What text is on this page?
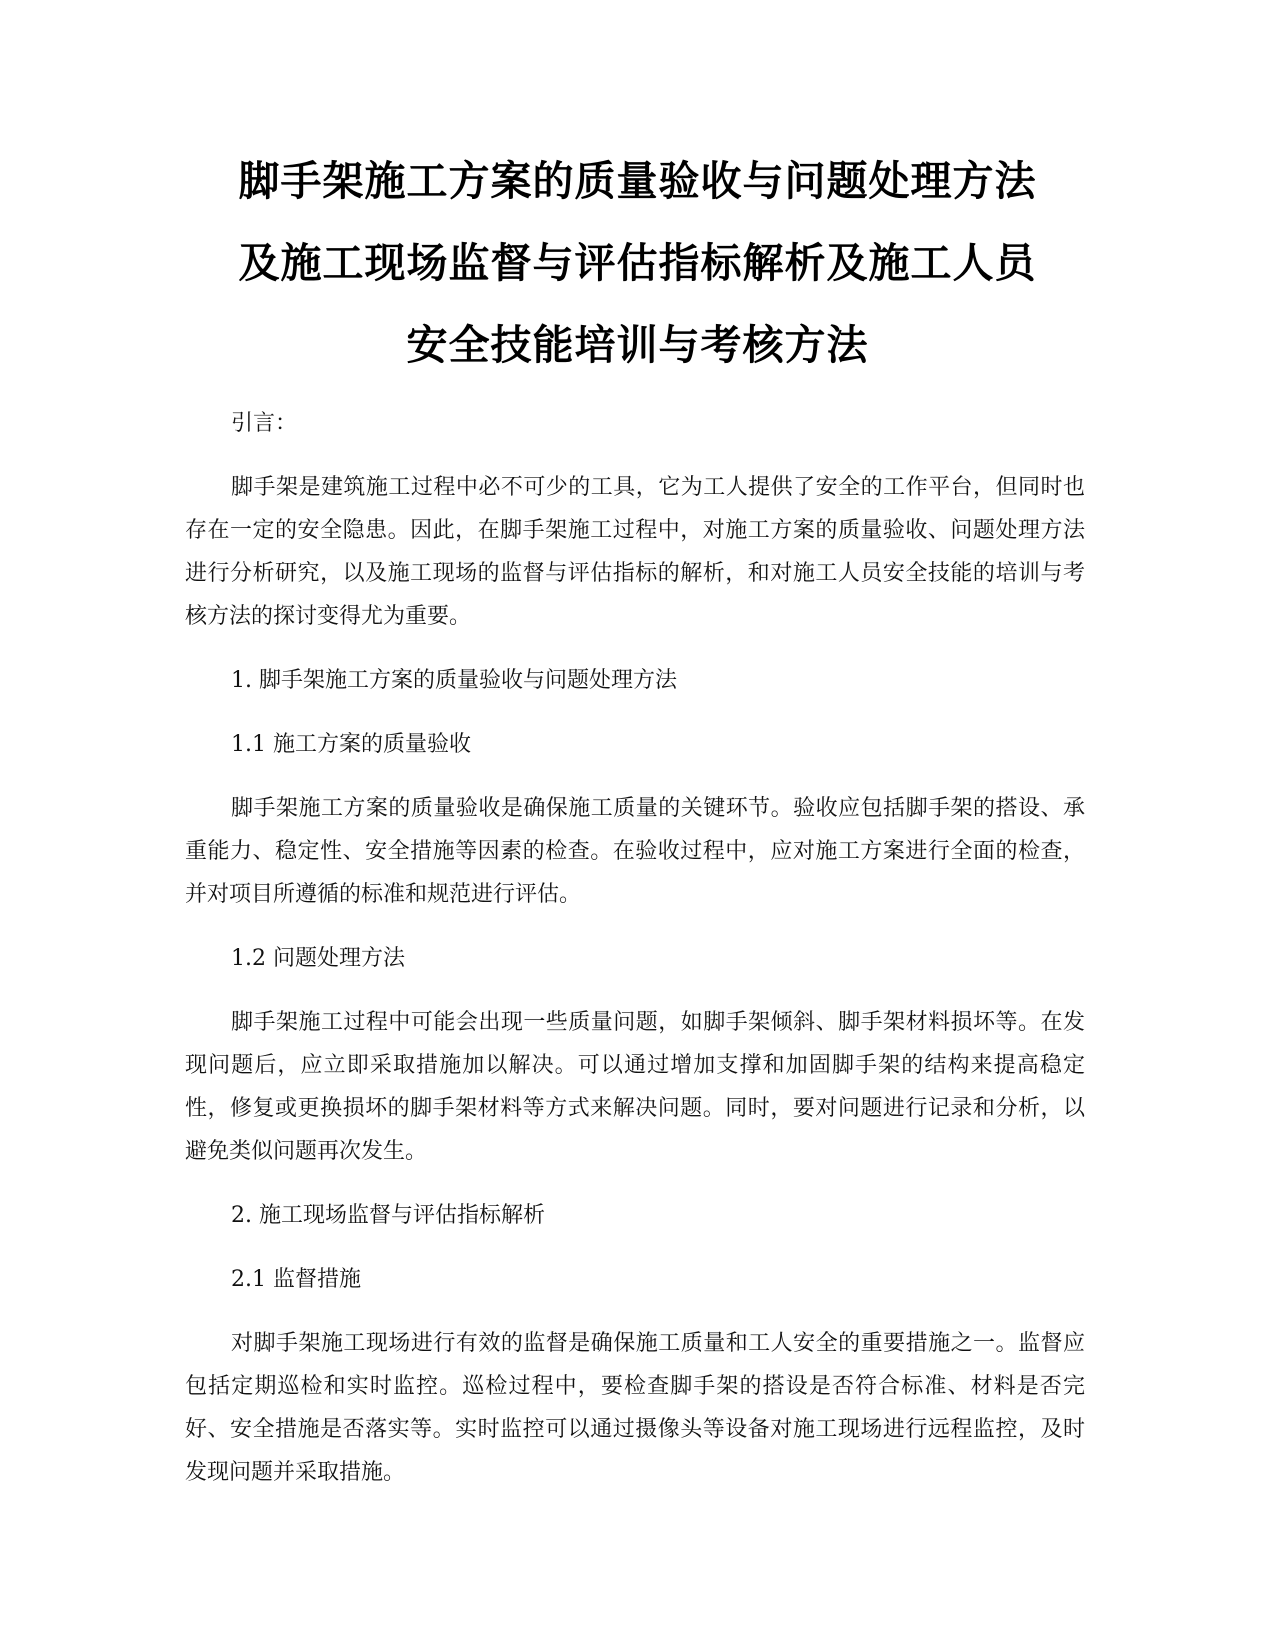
脚手架施工方案的质量验收与问题处理方法
及施工现场监督与评估指标解析及施工人员
安全技能培训与考核方法

引言：

脚手架是建筑施工过程中必不可少的工具，它为工人提供了安全的工作平台，但同时也存在一定的安全隐患。因此，在脚手架施工过程中，对施工方案的质量验收、问题处理方法进行分析研究，以及施工现场的监督与评估指标的解析，和对施工人员安全技能的培训与考核方法的探讨变得尤为重要。

1. 脚手架施工方案的质量验收与问题处理方法

1.1 施工方案的质量验收

脚手架施工方案的质量验收是确保施工质量的关键环节。验收应包括脚手架的搭设、承重能力、稳定性、安全措施等因素的检查。在验收过程中，应对施工方案进行全面的检查，并对项目所遵循的标准和规范进行评估。

1.2 问题处理方法

脚手架施工过程中可能会出现一些质量问题，如脚手架倾斜、脚手架材料损坏等。在发现问题后，应立即采取措施加以解决。可以通过增加支撑和加固脚手架的结构来提高稳定性，修复或更换损坏的脚手架材料等方式来解决问题。同时，要对问题进行记录和分析，以避免类似问题再次发生。

2. 施工现场监督与评估指标解析

2.1 监督措施

对脚手架施工现场进行有效的监督是确保施工质量和工人安全的重要措施之一。监督应包括定期巡检和实时监控。巡检过程中，要检查脚手架的搭设是否符合标准、材料是否完好、安全措施是否落实等。实时监控可以通过摄像头等设备对施工现场进行远程监控，及时发现问题并采取措施。
